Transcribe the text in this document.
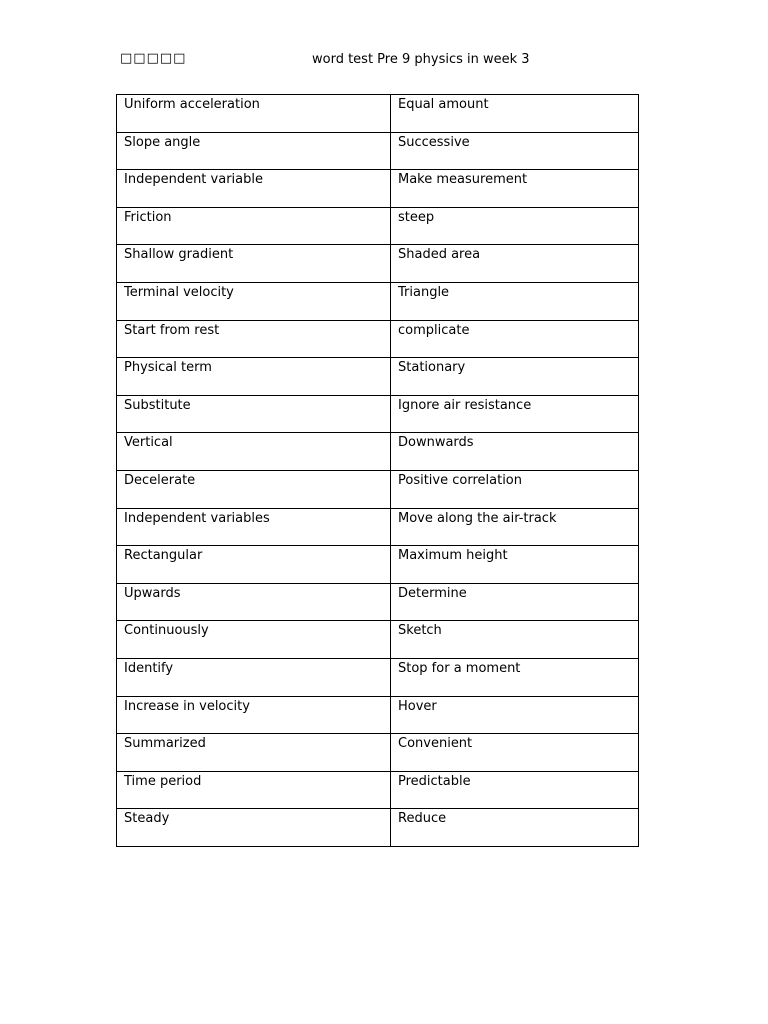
□□□□□	word test Pre 9 physics in week 3
Uniform acceleration	Equal amount
Slope angle	Successive
Independent variable	Make measurement
Friction	steep
Shallow gradient	Shaded area
Terminal velocity	Triangle
Start from rest	complicate
Physical term	Stationary
Substitute	Ignore air resistance
Vertical	Downwards
Decelerate	Positive correlation
Independent variables	Move along the air-track
Rectangular	Maximum height
Upwards	Determine
Continuously	Sketch
Identify	Stop for a moment
Increase in velocity	Hover
Summarized	Convenient
Time period	Predictable
Steady	Reduce
